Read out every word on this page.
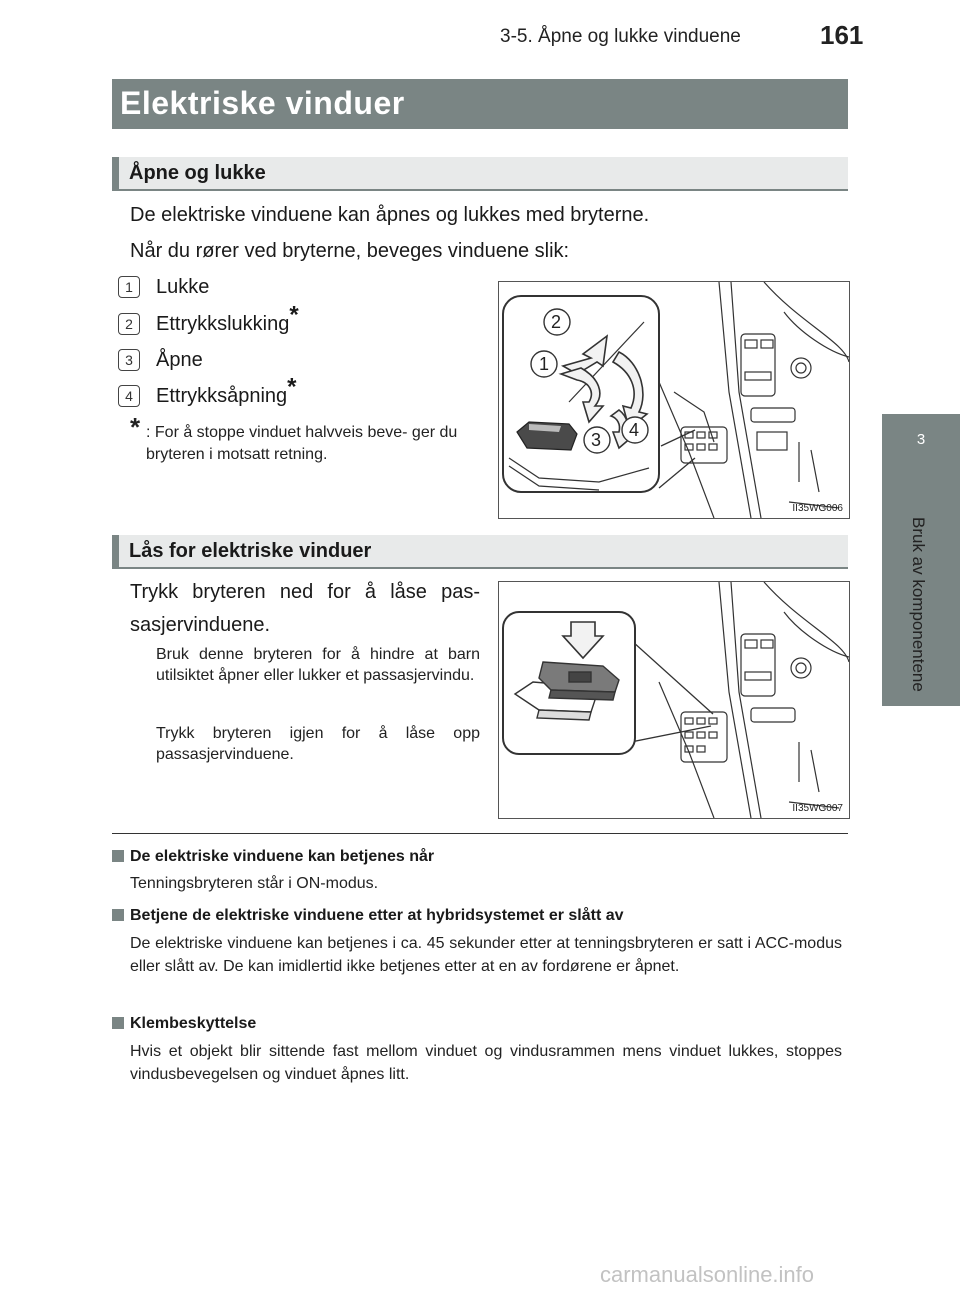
3-5. Åpne og lukke vinduene	161
3
Bruk av komponentene
Elektriske vinduer
Åpne og lukke
De elektriske vinduene kan åpnes og lukkes med bryterne.
Når du rører ved bryterne, beveges vinduene slik:
1	Lukke
2	Ettrykkslukking*
3	Åpne
4	Ettrykksåpning*
* : For å stoppe vinduet halvveis beve- ger du bryteren i motsatt retning.
2
1
3 4
II35WG006
Lås for elektriske vinduer
Trykk bryteren ned for å låse pas- sasjervinduene.
Bruk denne bryteren for å hindre at barn utilsiktet åpner eller lukker et passasjervindu.
Trykk bryteren igjen for å låse opp passasjervinduene.
II35WG007
De elektriske vinduene kan betjenes når
Tenningsbryteren står i ON-modus.
Betjene de elektriske vinduene etter at hybridsystemet er slått av
De elektriske vinduene kan betjenes i ca. 45 sekunder etter at tenningsbryteren er satt i ACC-modus eller slått av. De kan imidlertid ikke betjenes etter at en av fordørene er åpnet.
Klembeskyttelse
Hvis et objekt blir sittende fast mellom vinduet og vindusrammen mens vinduet lukkes, stoppes vindusbevegelsen og vinduet åpnes litt.
carmanualsonline.info
